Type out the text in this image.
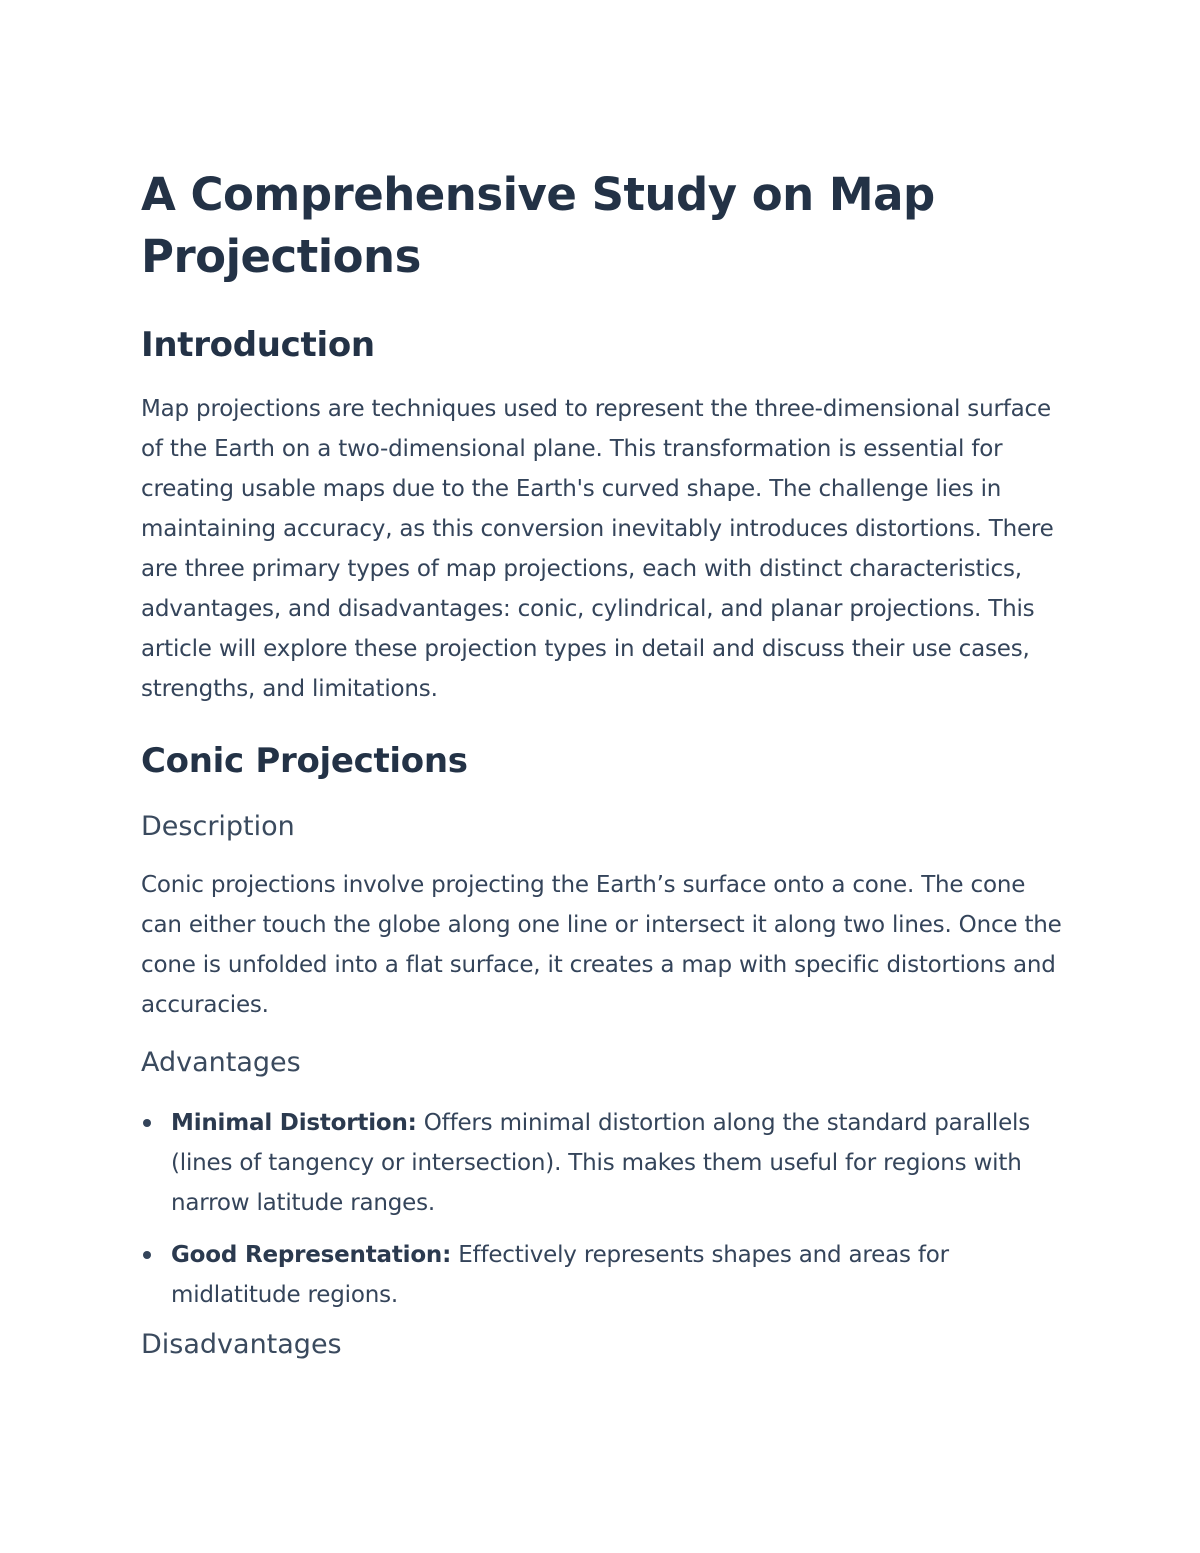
A Comprehensive Study on Map Projections
Introduction

Map projections are techniques used to represent the three-dimensional surface of the Earth on a two-dimensional plane. This transformation is essential for creating usable maps due to the Earth's curved shape. The challenge lies in maintaining accuracy, as this conversion inevitably introduces distortions. There are three primary types of map projections, each with distinct characteristics, advantages, and disadvantages: conic, cylindrical, and planar projections. This article will explore these projection types in detail and discuss their use cases, strengths, and limitations.

Conic Projections
Description

Conic projections involve projecting the Earth’s surface onto a cone. The cone can either touch the globe along one line or intersect it along two lines. Once the cone is unfolded into a flat surface, it creates a map with specific distortions and accuracies.

Advantages
Minimal Distortion: Offers minimal distortion along the standard parallels (lines of tangency or intersection). This makes them useful for regions with narrow latitude ranges.
Good Representation: Effectively represents shapes and areas for midlatitude regions.
Disadvantages
